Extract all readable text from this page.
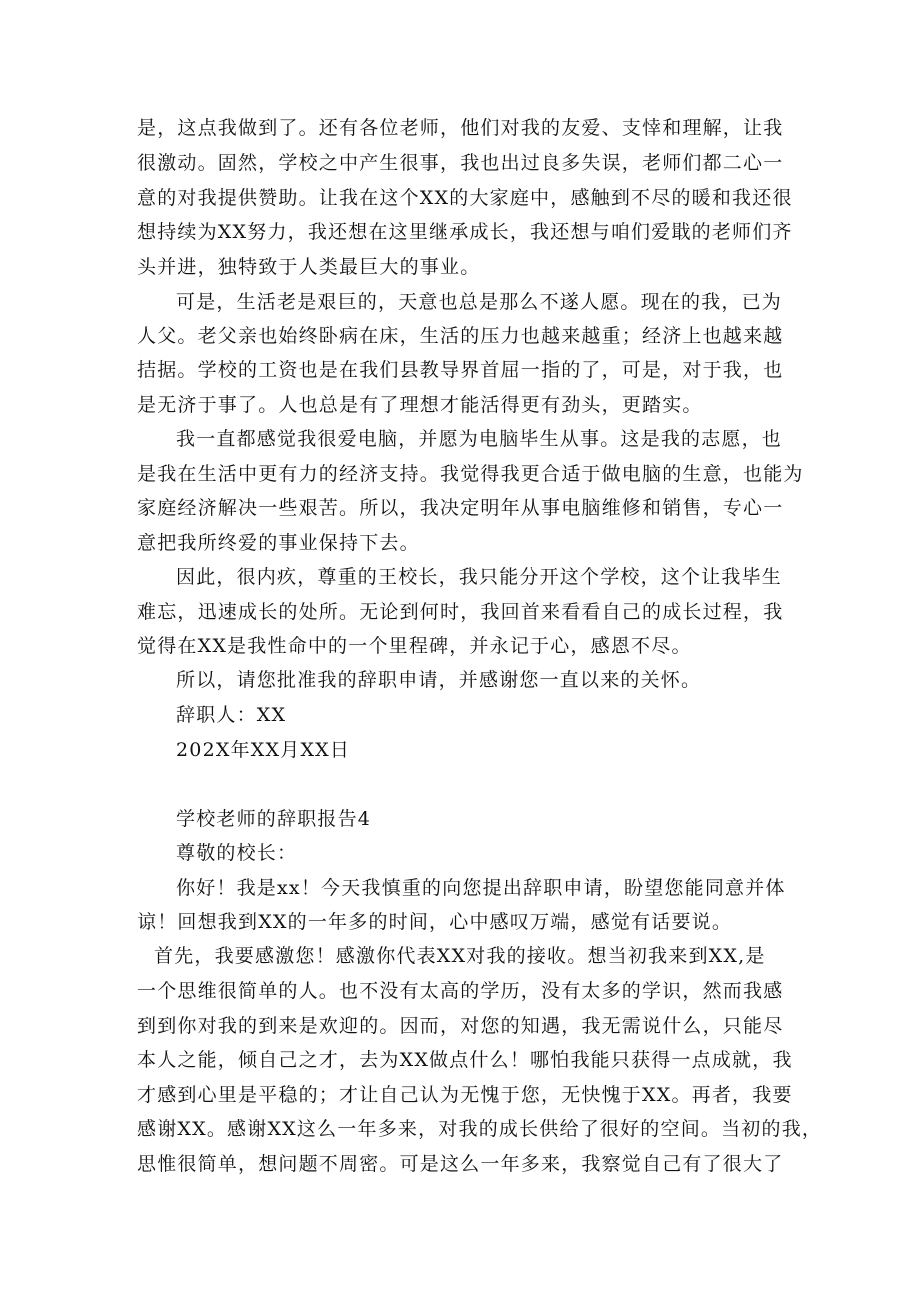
是，这点我做到了。还有各位老师，他们对我的友爱、支悻和理解，让我
很激动。固然，学校之中产生很事，我也出过良多失误，老师们都二心一
意的对我提供赞助。让我在这个XX的大家庭中，感触到不尽的暖和我还很
想持续为XX努力，我还想在这里继承成长，我还想与咱们爱戢的老师们齐
头并进，独特致于人类最巨大的事业。
可是，生活老是艰巨的，天意也总是那么不遂人愿。现在的我，已为
人父。老父亲也始终卧病在床，生活的压力也越来越重；经济上也越来越
拮据。学校的工资也是在我们县教导界首屈一指的了，可是，对于我，也
是无济于事了。人也总是有了理想才能活得更有劲头，更踏实。
我一直都感觉我很爱电脑，并愿为电脑毕生从事。这是我的志愿，也
是我在生活中更有力的经济支持。我觉得我更合适于做电脑的生意，也能为
家庭经济解决一些艰苦。所以，我决定明年从事电脑维修和销售，专心一
意把我所终爱的事业保持下去。
因此，很内疚，尊重的王校长，我只能分开这个学校，这个让我毕生
难忘，迅速成长的处所。无论到何时，我回首来看看自己的成长过程，我
觉得在XX是我性命中的一个里程碑，并永记于心，感恩不尽。
所以，请您批准我的辞职申请，并感谢您一直以来的关怀。
辞职人：XX
202X年XX月XX日
学校老师的辞职报告4
尊敬的校长：
你好！我是xx！今天我慎重的向您提出辞职申请，盼望您能同意并体
谅！回想我到XX的一年多的时间，心中感叹万端，感觉有话要说。
首先，我要感激您！感激你代表XX对我的接收。想当初我来到XX,是
一个思维很简单的人。也不没有太高的学历，没有太多的学识，然而我感
到到你对我的到来是欢迎的。因而，对您的知遇，我无需说什么，只能尽
本人之能，倾自己之才，去为XX做点什么！哪怕我能只获得一点成就，我
才感到心里是平稳的；才让自己认为无愧于您，无快愧于XX。再者，我要
感谢XX。感谢XX这么一年多来，对我的成长供给了很好的空间。当初的我，
思惟很简单，想问题不周密。可是这么一年多来，我察觉自己有了很大了
